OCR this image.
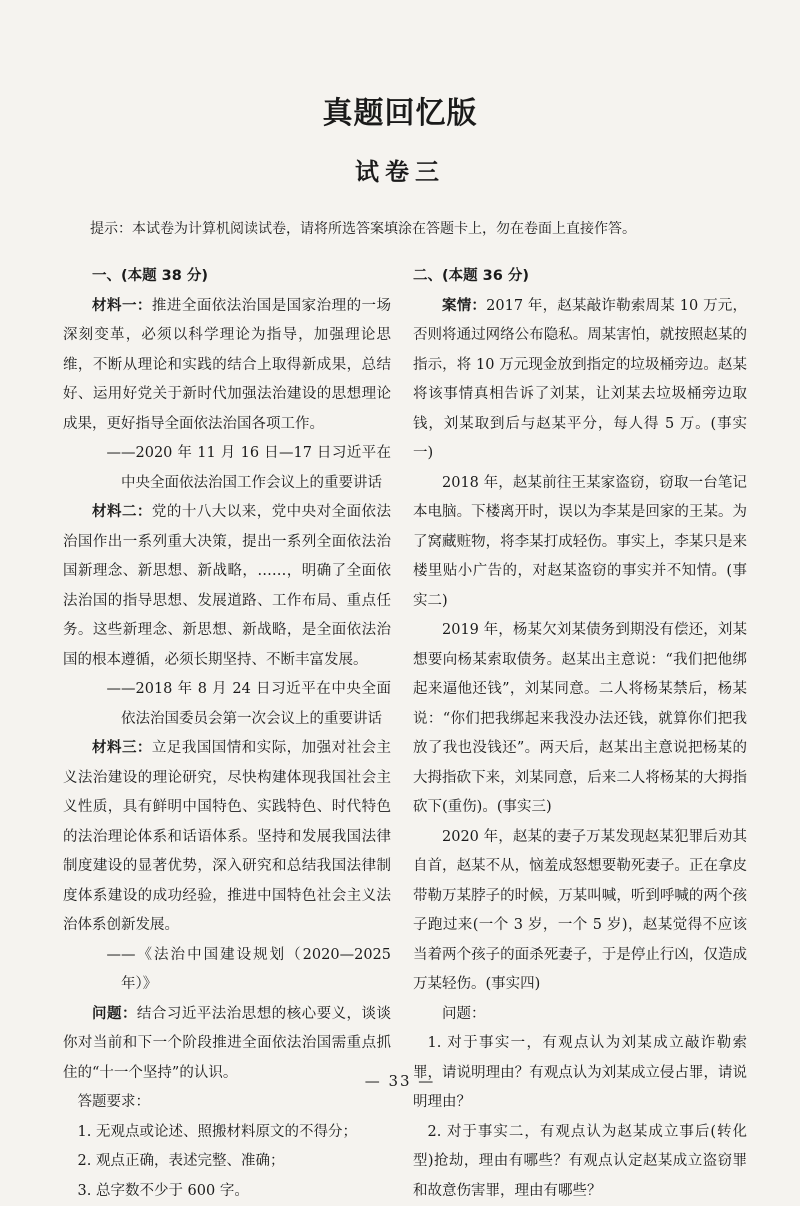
真题回忆版
试卷三
提示：本试卷为计算机阅读试卷，请将所选答案填涂在答题卡上，勿在卷面上直接作答。

一、(本题 38 分)

材料一：推进全面依法治国是国家治理的一场深刻变革，必须以科学理论为指导，加强理论思维，不断从理论和实践的结合上取得新成果，总结好、运用好党关于新时代加强法治建设的思想理论成果，更好指导全面依法治国各项工作。

——2020 年 11 月 16 日—17 日习近平在中央全面依法治国工作会议上的重要讲话

材料二：党的十八大以来，党中央对全面依法治国作出一系列重大决策，提出一系列全面依法治国新理念、新思想、新战略，……，明确了全面依法治国的指导思想、发展道路、工作布局、重点任务。这些新理念、新思想、新战略，是全面依法治国的根本遵循，必须长期坚持、不断丰富发展。

——2018 年 8 月 24 日习近平在中央全面依法治国委员会第一次会议上的重要讲话

材料三：立足我国国情和实际，加强对社会主义法治建设的理论研究，尽快构建体现我国社会主义性质，具有鲜明中国特色、实践特色、时代特色的法治理论体系和话语体系。坚持和发展我国法律制度建设的显著优势，深入研究和总结我国法律制度体系建设的成功经验，推进中国特色社会主义法治体系创新发展。

——《法治中国建设规划（2020—2025 年）》

问题：结合习近平法治思想的核心要义，谈谈你对当前和下一个阶段推进全面依法治国需重点抓住的“十一个坚持”的认识。

答题要求：

1. 无观点或论述、照搬材料原文的不得分；

2. 观点正确，表述完整、准确；

3. 总字数不少于 600 字。

二、(本题 36 分)

案情：2017 年，赵某敲诈勒索周某 10 万元，否则将通过网络公布隐私。周某害怕，就按照赵某的指示，将 10 万元现金放到指定的垃圾桶旁边。赵某将该事情真相告诉了刘某，让刘某去垃圾桶旁边取钱，刘某取到后与赵某平分，每人得 5 万。(事实一)

2018 年，赵某前往王某家盗窃，窃取一台笔记本电脑。下楼离开时，误以为李某是回家的王某。为了窝藏赃物，将李某打成轻伤。事实上，李某只是来楼里贴小广告的，对赵某盗窃的事实并不知情。(事实二)

2019 年，杨某欠刘某债务到期没有偿还，刘某想要向杨某索取债务。赵某出主意说：“我们把他绑起来逼他还钱”，刘某同意。二人将杨某禁后，杨某说：“你们把我绑起来我没办法还钱，就算你们把我放了我也没钱还”。两天后，赵某出主意说把杨某的大拇指砍下来，刘某同意，后来二人将杨某的大拇指砍下(重伤)。(事实三)

2020 年，赵某的妻子万某发现赵某犯罪后劝其自首，赵某不从，恼羞成怒想要勒死妻子。正在拿皮带勒万某脖子的时候，万某叫喊，听到呼喊的两个孩子跑过来(一个 3 岁，一个 5 岁)，赵某觉得不应该当着两个孩子的面杀死妻子，于是停止行凶，仅造成万某轻伤。(事实四)

问题：

1. 对于事实一，有观点认为刘某成立敲诈勒索罪，请说明理由？有观点认为刘某成立侵占罪，请说明理由？

2. 对于事实二，有观点认为赵某成立事后(转化型)抢劫，理由有哪些？有观点认定赵某成立盗窃罪和故意伤害罪，理由有哪些？

— 33 —
